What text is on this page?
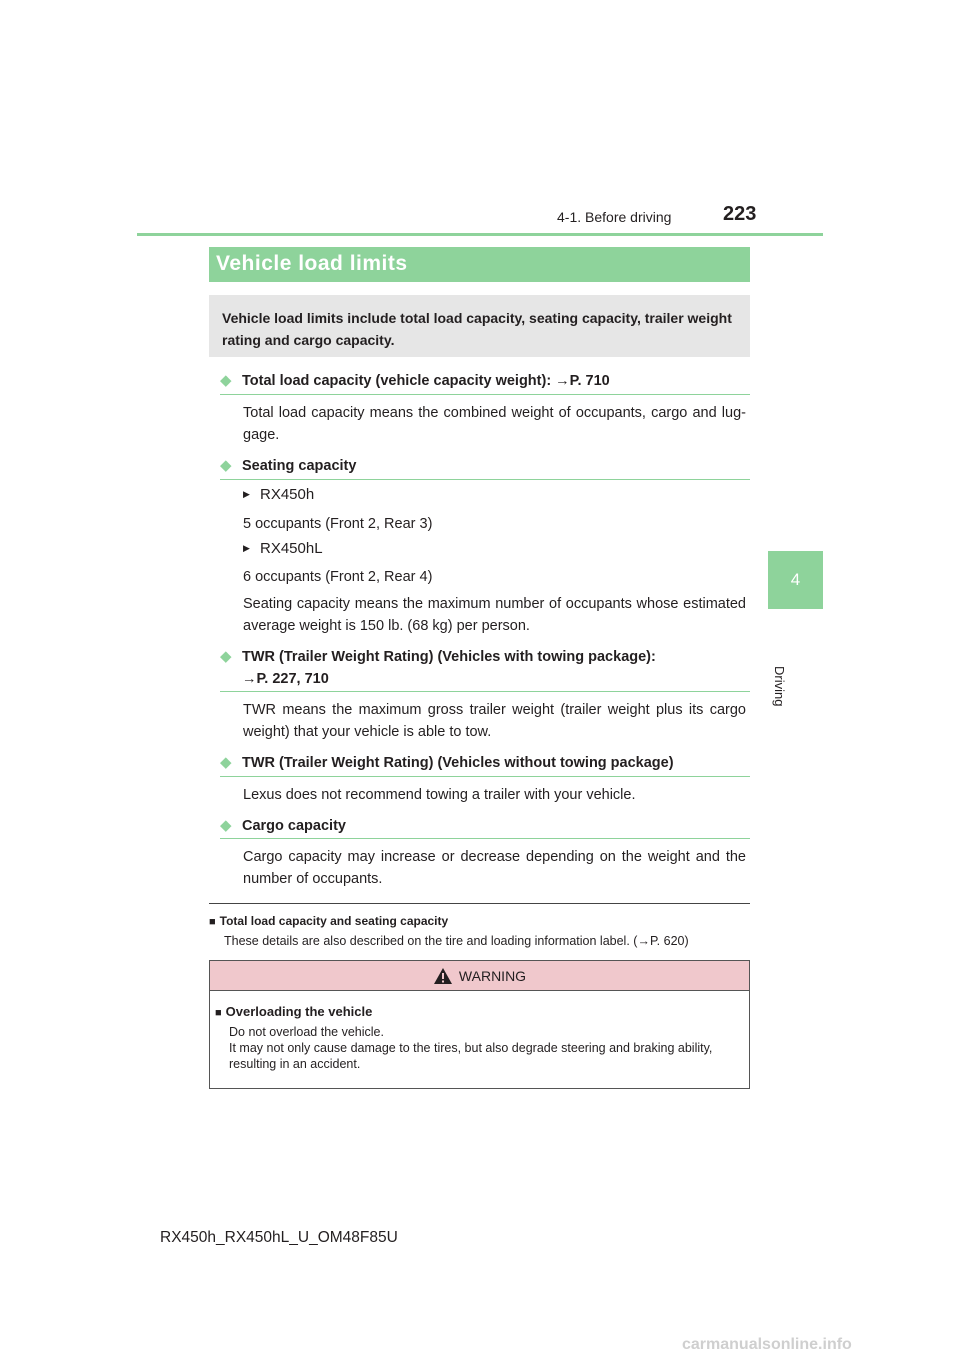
4-1. Before driving	223
4
Driving
Vehicle load limits
Vehicle load limits include total load capacity, seating capacity, trailer weight rating and cargo capacity.
◆ Total load capacity (vehicle capacity weight): →P. 710
Total load capacity means the combined weight of occupants, cargo and lug- gage.
◆ Seating capacity
▶ RX450h
5 occupants (Front 2, Rear 3)
▶ RX450hL
6 occupants (Front 2, Rear 4)
Seating capacity means the maximum number of occupants whose estimated average weight is 150 lb. (68 kg) per person.
◆ TWR (Trailer Weight Rating) (Vehicles with towing package):
→P. 227, 710
TWR means the maximum gross trailer weight (trailer weight plus its cargo weight) that your vehicle is able to tow.
◆ TWR (Trailer Weight Rating) (Vehicles without towing package)
Lexus does not recommend towing a trailer with your vehicle.
◆ Cargo capacity
Cargo capacity may increase or decrease depending on the weight and the number of occupants.
■ Total load capacity and seating capacity
These details are also described on the tire and loading information label. (→P. 620)
WARNING
■ Overloading the vehicle
Do not overload the vehicle.
It may not only cause damage to the tires, but also degrade steering and braking ability, resulting in an accident.
RX450h_RX450hL_U_OM48F85U
carmanualsonline.info
